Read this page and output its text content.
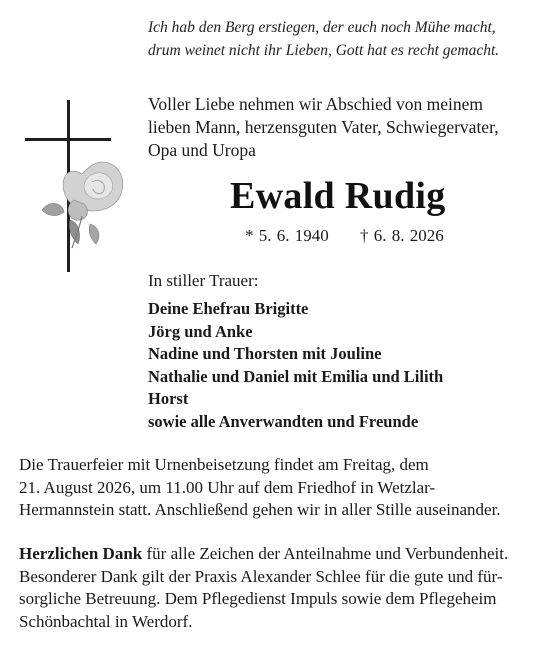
Ich hab den Berg erstiegen, der euch noch Mühe macht,
drum weinet nicht ihr Lieben, Gott hat es recht gemacht.
Voller Liebe nehmen wir Abschied von meinem
lieben Mann, herzensguten Vater, Schwiegervater,
Opa und Uropa
Ewald Rudig
* 5. 6. 1940 † 6. 8. 2026
In stiller Trauer:
Deine Ehefrau Brigitte
Jörg und Anke
Nadine und Thorsten mit Jouline
Nathalie und Daniel mit Emilia und Lilith
Horst
sowie alle Anverwandten und Freunde
Die Trauerfeier mit Urnenbeisetzung findet am Freitag, dem
21. August 2026, um 11.00 Uhr auf dem Friedhof in Wetzlar-
Hermannstein statt. Anschließend gehen wir in aller Stille auseinander.
Herzlichen Dank für alle Zeichen der Anteilnahme und Verbundenheit.
Besonderer Dank gilt der Praxis Alexander Schlee für die gute und für-
sorgliche Betreuung. Dem Pflegedienst Impuls sowie dem Pflegeheim
Schönbachtal in Werdorf.
